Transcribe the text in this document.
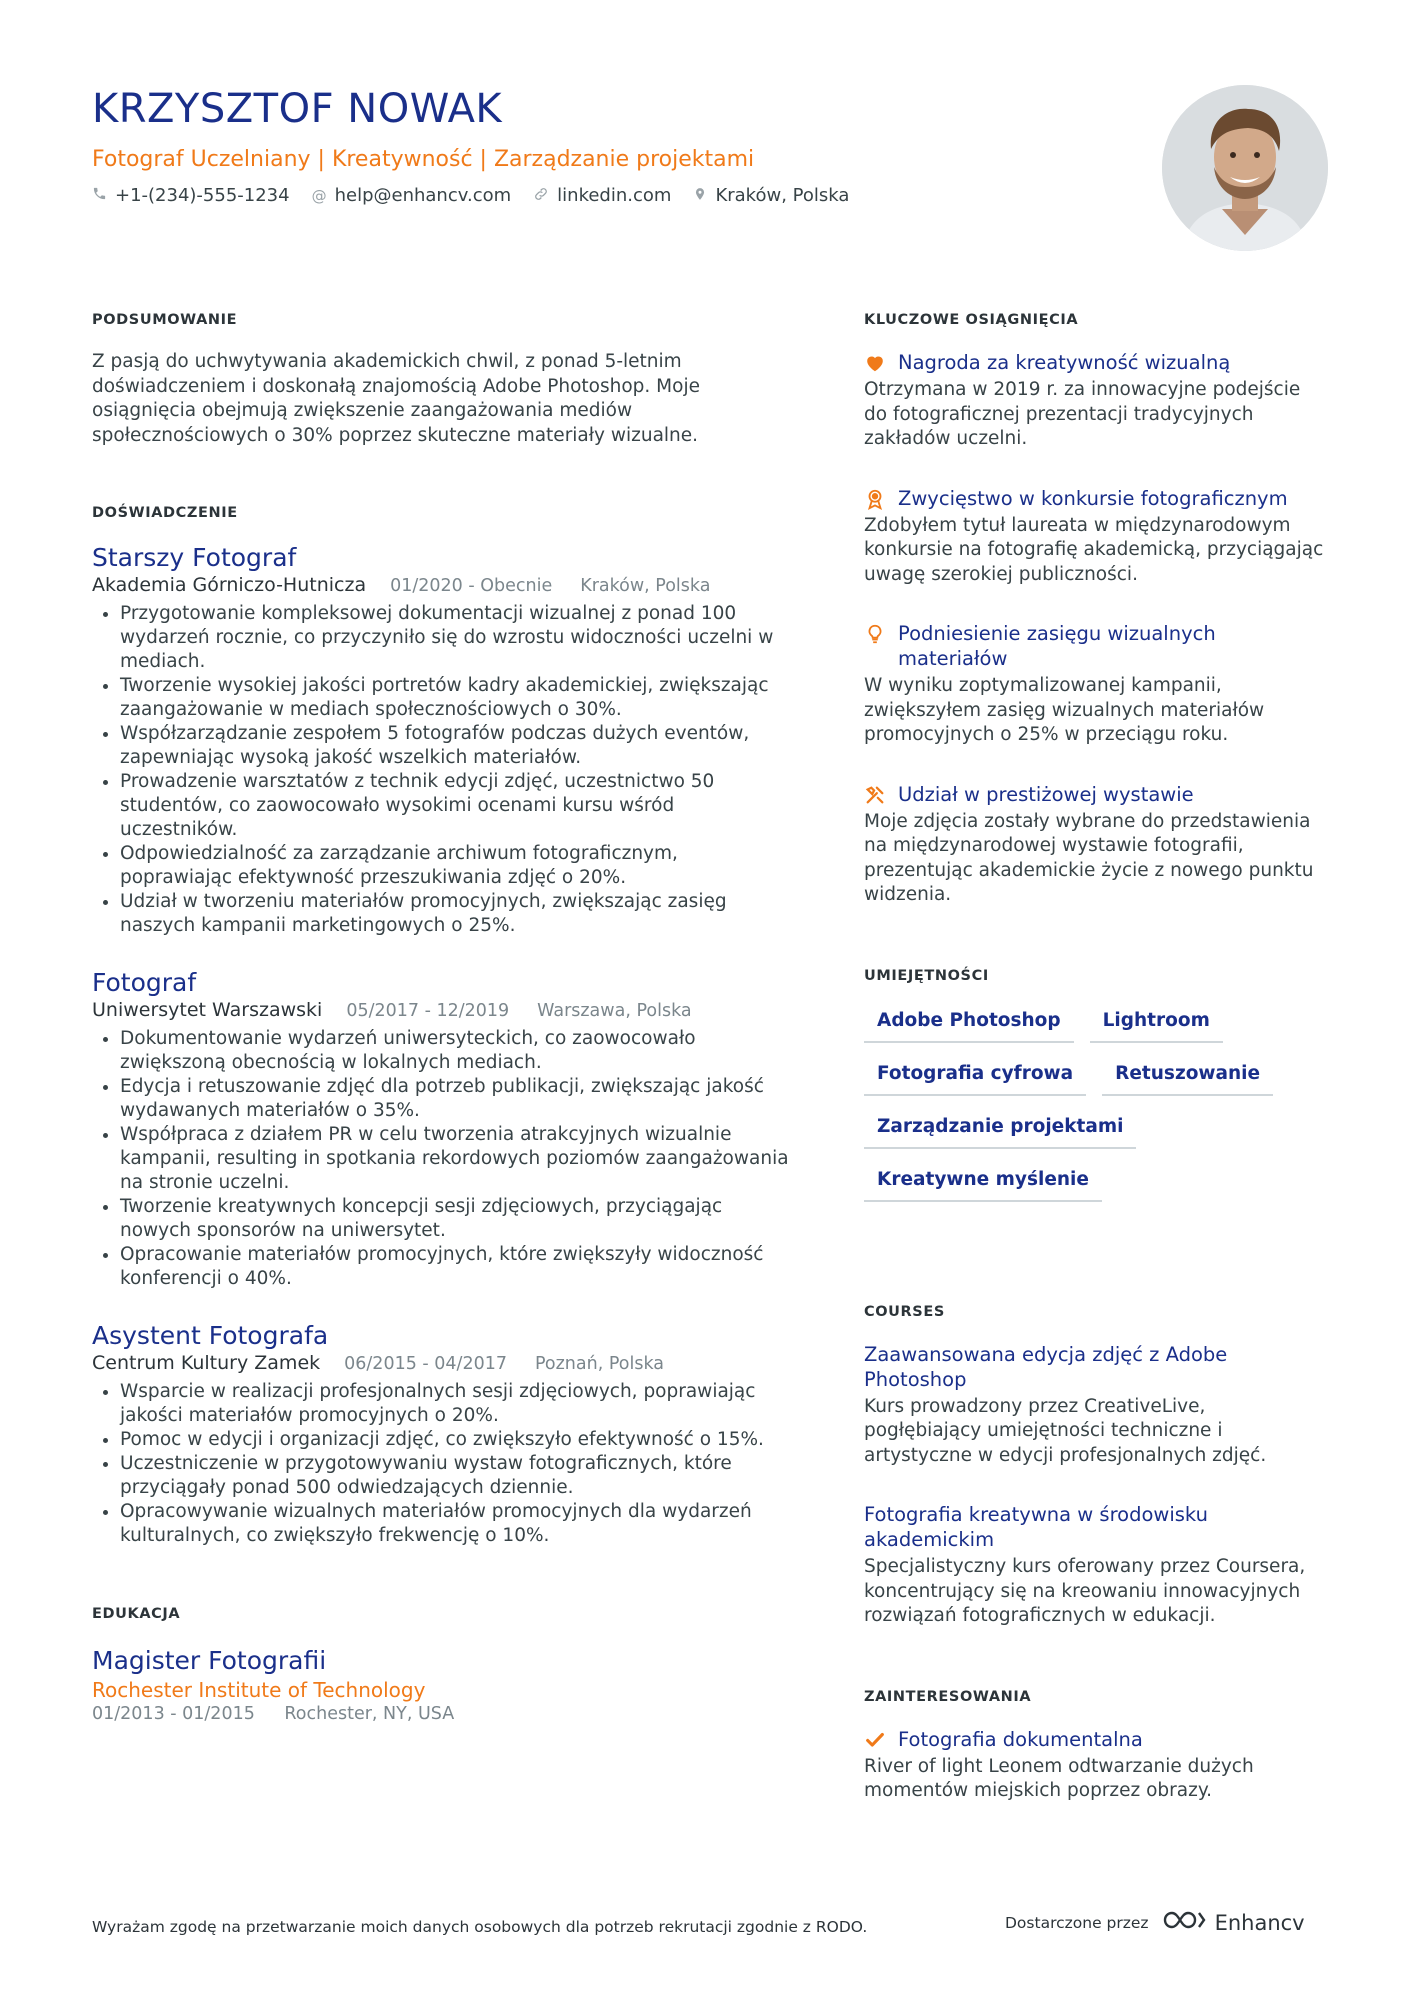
KRZYSZTOF NOWAK
Fotograf Uczelniany | Kreatywność | Zarządzanie projektami
+1-(234)-555-1234 @ help@enhancv.com	linkedin.com Kraków, Polska
PODSUMOWANIE
Z pasją do uchwytywania akademickich chwil, z ponad 5-letnim doświadczeniem i doskonałą znajomością Adobe Photoshop. Moje osiągnięcia obejmują zwiększenie zaangażowania mediów społecznościowych o 30% poprzez skuteczne materiały wizualne.
DOŚWIADCZENIE
Starszy Fotograf
Akademia Górniczo-Hutnicza 01/2020 - Obecnie Kraków, Polska
• Przygotowanie kompleksowej dokumentacji wizualnej z ponad 100 wydarzeń rocznie, co przyczyniło się do wzrostu widoczności uczelni w mediach.
• Tworzenie wysokiej jakości portretów kadry akademickiej, zwiększając zaangażowanie w mediach społecznościowych o 30%.
• Współzarządzanie zespołem 5 fotografów podczas dużych eventów, zapewniając wysoką jakość wszelkich materiałów.
• Prowadzenie warsztatów z technik edycji zdjęć, uczestnictwo 50 studentów, co zaowocowało wysokimi ocenami kursu wśród uczestników.
• Odpowiedzialność za zarządzanie archiwum fotograficznym, poprawiając efektywność przeszukiwania zdjęć o 20%.
• Udział w tworzeniu materiałów promocyjnych, zwiększając zasięg naszych kampanii marketingowych o 25%.
Fotograf
Uniwersytet Warszawski 05/2017 - 12/2019 Warszawa, Polska
• Dokumentowanie wydarzeń uniwersyteckich, co zaowocowało zwiększoną obecnością w lokalnych mediach.
• Edycja i retuszowanie zdjęć dla potrzeb publikacji, zwiększając jakość wydawanych materiałów o 35%.
• Współpraca z działem PR w celu tworzenia atrakcyjnych wizualnie kampanii, resulting in spotkania rekordowych poziomów zaangażowania na stronie uczelni.
• Tworzenie kreatywnych koncepcji sesji zdjęciowych, przyciągając nowych sponsorów na uniwersytet.
• Opracowanie materiałów promocyjnych, które zwiększyły widoczność konferencji o 40%.
Asystent Fotografa
Centrum Kultury Zamek 06/2015 - 04/2017 Poznań, Polska
• Wsparcie w realizacji profesjonalnych sesji zdjęciowych, poprawiając jakości materiałów promocyjnych o 20%.
• Pomoc w edycji i organizacji zdjęć, co zwiększyło efektywność o 15%.
• Uczestniczenie w przygotowywaniu wystaw fotograficznych, które przyciągały ponad 500 odwiedzających dziennie.
• Opracowywanie wizualnych materiałów promocyjnych dla wydarzeń kulturalnych, co zwiększyło frekwencję o 10%.
EDUKACJA
Magister Fotografii
Rochester Institute of Technology
01/2013 - 01/2015 Rochester, NY, USA
KLUCZOWE OSIĄGNIĘCIA
Nagroda za kreatywność wizualną
Otrzymana w 2019 r. za innowacyjne podejście do fotograficznej prezentacji tradycyjnych zakładów uczelni.
Zwycięstwo w konkursie fotograficznym
Zdobyłem tytuł laureata w międzynarodowym konkursie na fotografię akademicką, przyciągając uwagę szerokiej publiczności.
Podniesienie zasięgu wizualnych materiałów
W wyniku zoptymalizowanej kampanii, zwiększyłem zasięg wizualnych materiałów promocyjnych o 25% w przeciągu roku.
Udział w prestiżowej wystawie
Moje zdjęcia zostały wybrane do przedstawienia na międzynarodowej wystawie fotografii, prezentując akademickie życie z nowego punktu widzenia.
UMIEJĘTNOŚCI
Adobe Photoshop	Lightroom
Fotografia cyfrowa	Retuszowanie
Zarządzanie projektami
Kreatywne myślenie
COURSES
Zaawansowana edycja zdjęć z Adobe Photoshop
Kurs prowadzony przez CreativeLive, pogłębiający umiejętności techniczne i artystyczne w edycji profesjonalnych zdjęć.
Fotografia kreatywna w środowisku akademickim
Specjalistyczny kurs oferowany przez Coursera, koncentrujący się na kreowaniu innowacyjnych rozwiązań fotograficznych w edukacji.
ZAINTERESOWANIA
Fotografia dokumentalna
River of light Leonem odtwarzanie dużych momentów miejskich poprzez obrazy.
Wyrażam zgodę na przetwarzanie moich danych osobowych dla potrzeb rekrutacji zgodnie z RODO.	Dostarczone przez	Enhancv
